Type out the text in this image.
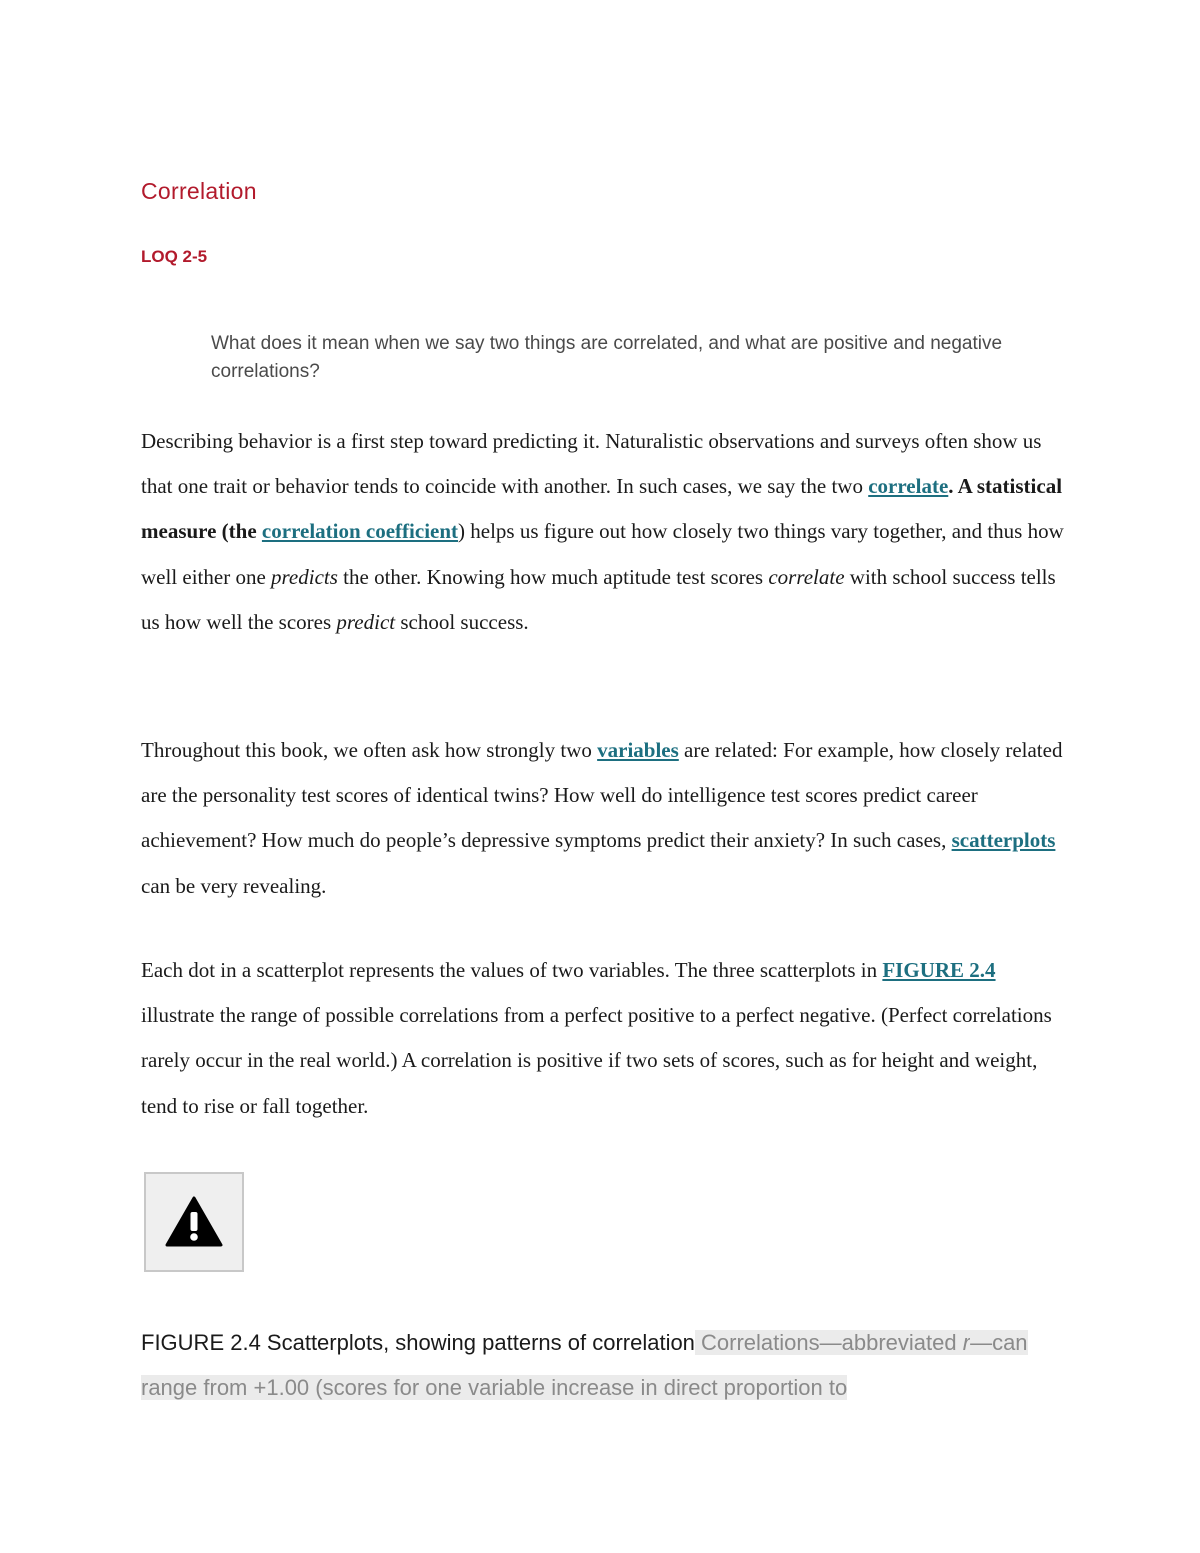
Correlation
LOQ 2-5
What does it mean when we say two things are correlated, and what are positive and negative correlations?

Describing behavior is a first step toward predicting it. Naturalistic observations and surveys often show us that one trait or behavior tends to coincide with another. In such cases, we say the two correlate. A statistical measure (the correlation coefficient) helps us figure out how closely two things vary together, and thus how well either one predicts the other. Knowing how much aptitude test scores correlate with school success tells us how well the scores predict school success.

Throughout this book, we often ask how strongly two variables are related: For example, how closely related are the personality test scores of identical twins? How well do intelligence test scores predict career achievement? How much do people’s depressive symptoms predict their anxiety? In such cases, scatterplots can be very revealing.

Each dot in a scatterplot represents the values of two variables. The three scatterplots in FIGURE 2.4 illustrate the range of possible correlations from a perfect positive to a perfect negative. (Perfect correlations rarely occur in the real world.) A correlation is positive if two sets of scores, such as for height and weight, tend to rise or fall together.

FIGURE 2.4 Scatterplots, showing patterns of correlation Correlations—abbreviated r—can range from +1.00 (scores for one variable increase in direct proportion to
